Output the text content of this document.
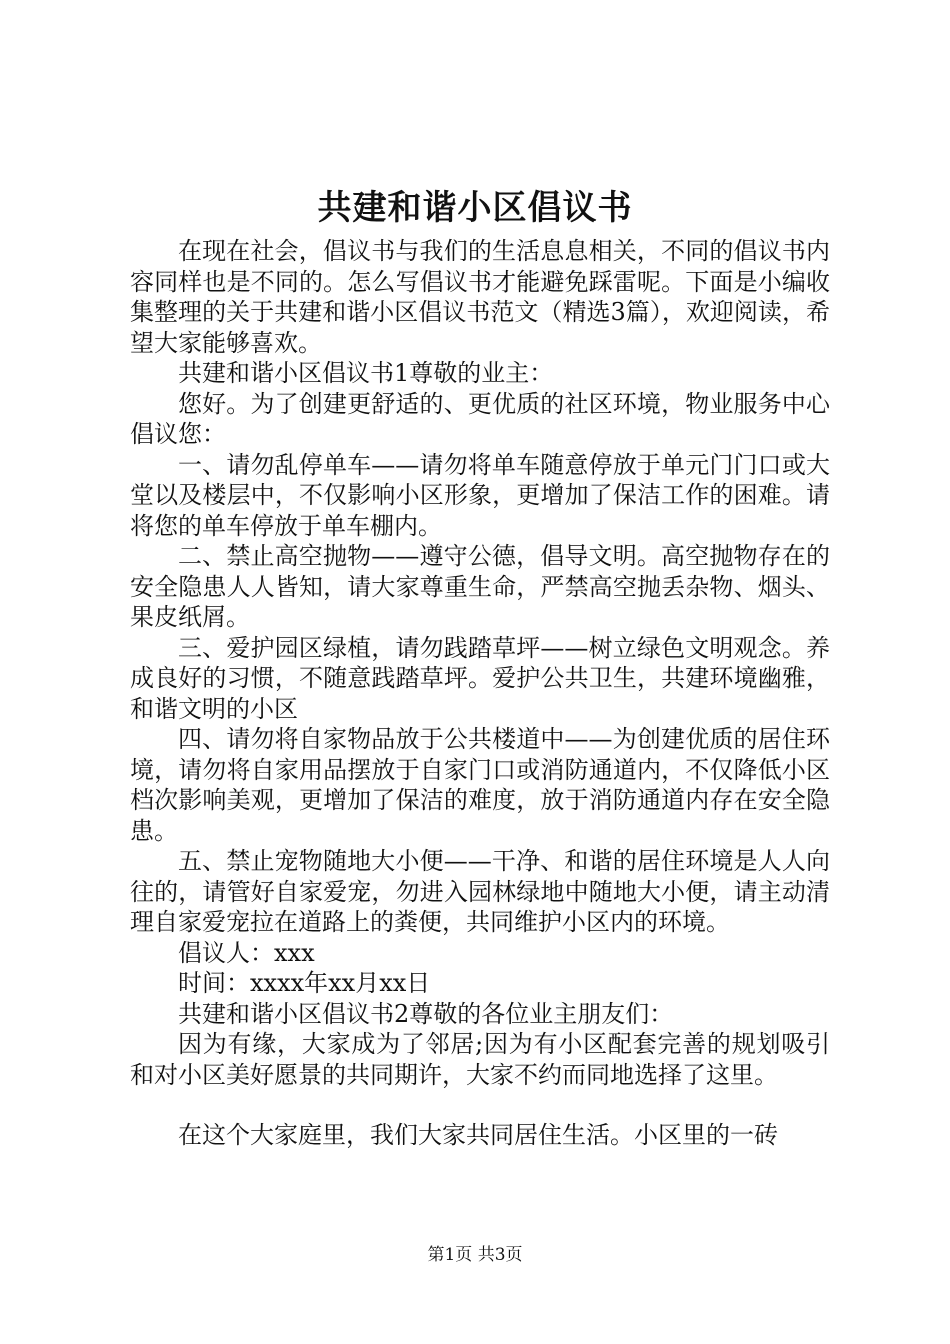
共建和谐小区倡议书

在现在社会，倡议书与我们的生活息息相关，不同的倡议书内容同样也是不同的。怎么写倡议书才能避免踩雷呢。下面是小编收集整理的关于共建和谐小区倡议书范文（精选3篇），欢迎阅读，希望大家能够喜欢。

共建和谐小区倡议书1尊敬的业主：

您好。为了创建更舒适的、更优质的社区环境，物业服务中心倡议您：

一、请勿乱停单车——请勿将单车随意停放于单元门门口或大堂以及楼层中，不仅影响小区形象，更增加了保洁工作的困难。请将您的单车停放于单车棚内。

二、禁止高空抛物——遵守公德，倡导文明。高空抛物存在的安全隐患人人皆知，请大家尊重生命，严禁高空抛丢杂物、烟头、果皮纸屑。

三、爱护园区绿植，请勿践踏草坪——树立绿色文明观念。养成良好的习惯，不随意践踏草坪。爱护公共卫生，共建环境幽雅，和谐文明的小区

四、请勿将自家物品放于公共楼道中——为创建优质的居住环境，请勿将自家用品摆放于自家门口或消防通道内，不仅降低小区档次影响美观，更增加了保洁的难度，放于消防通道内存在安全隐患。

五、禁止宠物随地大小便——干净、和谐的居住环境是人人向往的，请管好自家爱宠，勿进入园林绿地中随地大小便，请主动清理自家爱宠拉在道路上的粪便，共同维护小区内的环境。

倡议人：xxx

时间：xxxx年xx月xx日

共建和谐小区倡议书2尊敬的各位业主朋友们：

因为有缘，大家成为了邻居;因为有小区配套完善的规划吸引和对小区美好愿景的共同期许，大家不约而同地选择了这里。

在这个大家庭里，我们大家共同居住生活。小区里的一砖

第1页 共3页
